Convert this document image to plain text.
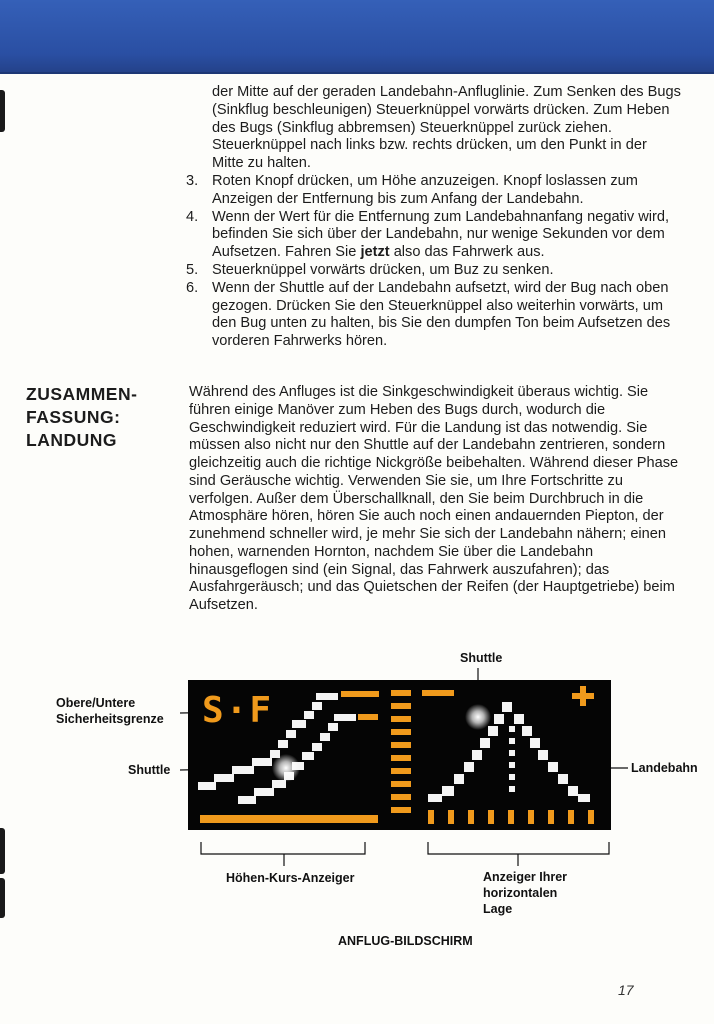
der Mitte auf der geraden Landebahn-Anfluglinie. Zum Senken des Bugs (Sinkflug beschleunigen) Steuerknüppel vorwärts drücken. Zum Heben des Bugs (Sinkflug abbremsen) Steuerknüppel zurück ziehen. Steuerknüppel nach links bzw. rechts drücken, um den Punkt in der Mitte zu halten.

3. Roten Knopf drücken, um Höhe anzuzeigen. Knopf loslassen zum Anzeigen der Entfernung bis zum Anfang der Landebahn.
4. Wenn der Wert für die Entfernung zum Landebahnanfang negativ wird, befinden Sie sich über der Landebahn, nur wenige Sekunden vor dem Aufsetzen. Fahren Sie jetzt also das Fahrwerk aus.
5. Steuerknüppel vorwärts drücken, um Buz zu senken.
6. Wenn der Shuttle auf der Landebahn aufsetzt, wird der Bug nach oben gezogen. Drücken Sie den Steuerknüppel also weiterhin vorwärts, um den Bug unten zu halten, bis Sie den dumpfen Ton beim Aufsetzen des vorderen Fahrwerks hören.
ZUSAMMEN-
FASSUNG:
LANDUNG

Während des Anfluges ist die Sinkgeschwindigkeit überaus wichtig. Sie führen einige Manöver zum Heben des Bugs durch, wodurch die Geschwindigkeit reduziert wird. Für die Landung ist das notwendig. Sie müssen also nicht nur den Shuttle auf der Landebahn zentrieren, sondern gleichzeitig auch die richtige Nickgröße beibehalten. Während dieser Phase sind Geräusche wichtig. Verwenden Sie sie, um Ihre Fortschritte zu verfolgen. Außer dem Überschallknall, den Sie beim Durchbruch in die Atmosphäre hören, hören Sie auch noch einen andauernden Piepton, der zunehmend schneller wird, je mehr Sie sich der Landebahn nähern; einen hohen, warnenden Hornton, nachdem Sie über die Landebahn hinausgeflogen sind (ein Signal, das Fahrwerk auszufahren); das Ausfahrgeräusch; und das Quietschen der Reifen (der Hauptgetriebe) beim Aufsetzen.

Obere/Untere
Sicherheitsgrenze
Shuttle
Shuttle
Landebahn
Höhen-Kurs-Anzeiger	Anzeiger Ihrer
horizontalen
Lage
ANFLUG-BILDSCHIRM
S·F
17
